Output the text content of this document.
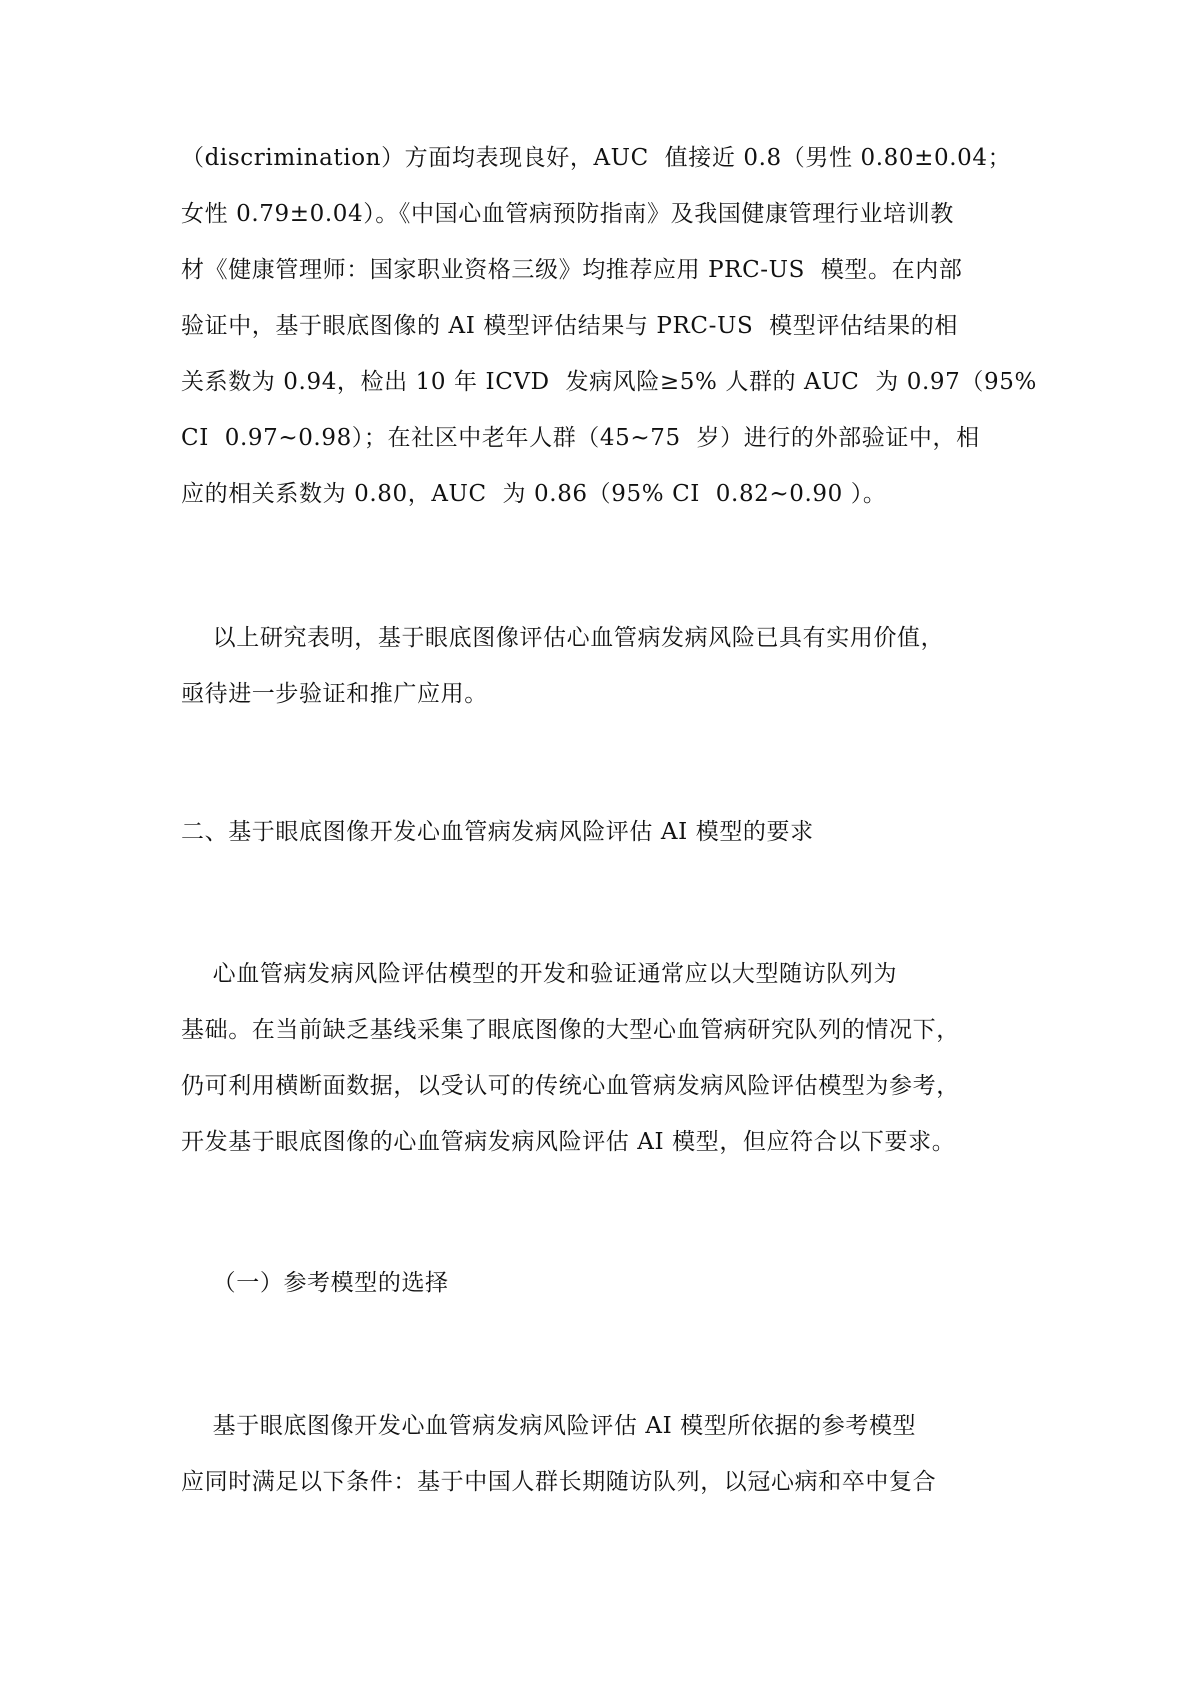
（discrimination）方面均表现良好，AUC  值接近 0.8（男性 0.80±0.04；
女性 0.79±0.04）。《中国心血管病预防指南》及我国健康管理行业培训教
材《健康管理师：国家职业资格三级》均推荐应用 PRC-US  模型。在内部
验证中，基于眼底图像的 AI 模型评估结果与 PRC-US  模型评估结果的相
关系数为 0.94，检出 10 年 ICVD  发病风险≥5% 人群的 AUC  为 0.97（95%
CI  0.97~0.98）；在社区中老年人群（45~75  岁）进行的外部验证中，相
应的相关系数为 0.80，AUC  为 0.86（95% CI  0.82~0.90 ）。
以上研究表明，基于眼底图像评估心血管病发病风险已具有实用价值，
亟待进一步验证和推广应用。
二、基于眼底图像开发心血管病发病风险评估 AI 模型的要求
心血管病发病风险评估模型的开发和验证通常应以大型随访队列为
基础。在当前缺乏基线采集了眼底图像的大型心血管病研究队列的情况下，
仍可利用横断面数据，以受认可的传统心血管病发病风险评估模型为参考，
开发基于眼底图像的心血管病发病风险评估 AI 模型，但应符合以下要求。
（一）参考模型的选择
基于眼底图像开发心血管病发病风险评估 AI 模型所依据的参考模型
应同时满足以下条件：基于中国人群长期随访队列，以冠心病和卒中复合
